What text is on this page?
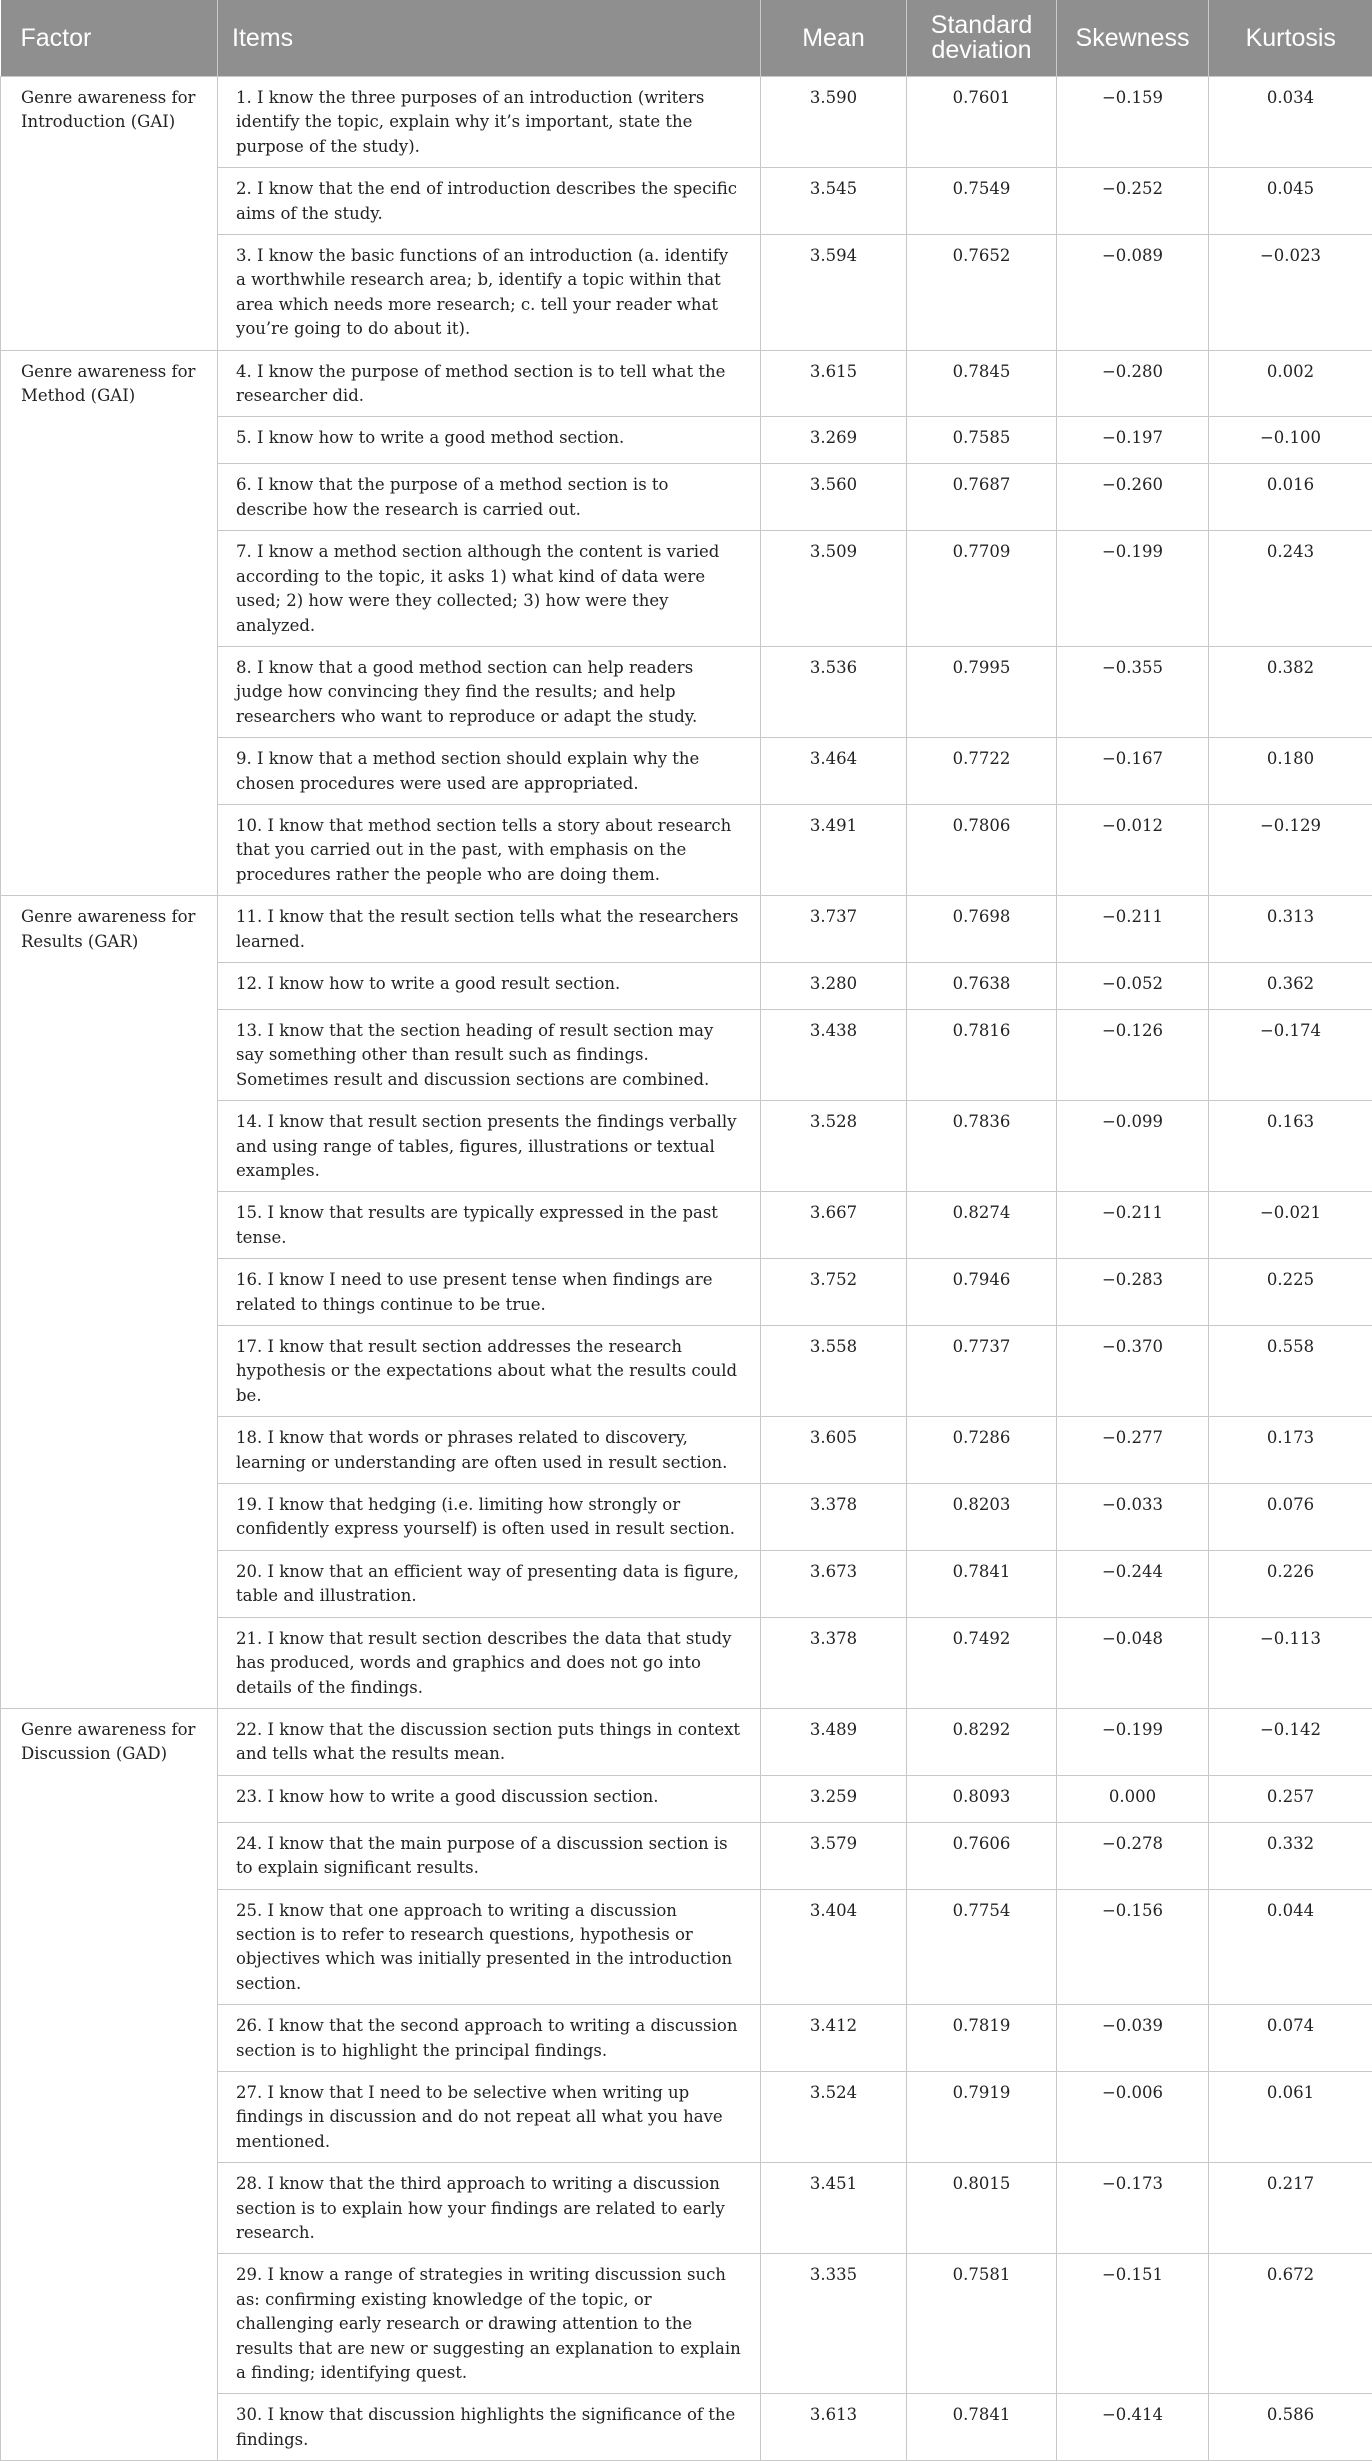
Factor	Items	Mean	Standard deviation	Skewness	Kurtosis
Genre awareness for Introduction (GAI)	1. I know the three purposes of an introduction (writers identify the topic, explain why it’s important, state the purpose of the study).	3.590	0.7601	−0.159	0.034
	2. I know that the end of introduction describes the specific aims of the study.	3.545	0.7549	−0.252	0.045
	3. I know the basic functions of an introduction (a. identify a worthwhile research area; b, identify a topic within that area which needs more research; c. tell your reader what you’re going to do about it).	3.594	0.7652	−0.089	−0.023
Genre awareness for Method (GAI)	4. I know the purpose of method section is to tell what the researcher did.	3.615	0.7845	−0.280	0.002
	5. I know how to write a good method section.	3.269	0.7585	−0.197	−0.100
	6. I know that the purpose of a method section is to describe how the research is carried out.	3.560	0.7687	−0.260	0.016
	7. I know a method section although the content is varied according to the topic, it asks 1) what kind of data were used; 2) how were they collected; 3) how were they analyzed.	3.509	0.7709	−0.199	0.243
	8. I know that a good method section can help readers judge how convincing they find the results; and help researchers who want to reproduce or adapt the study.	3.536	0.7995	−0.355	0.382
	9. I know that a method section should explain why the chosen procedures were used are appropriated.	3.464	0.7722	−0.167	0.180
	10. I know that method section tells a story about research that you carried out in the past, with emphasis on the procedures rather the people who are doing them.	3.491	0.7806	−0.012	−0.129
Genre awareness for Results (GAR)	11. I know that the result section tells what the researchers learned.	3.737	0.7698	−0.211	0.313
	12. I know how to write a good result section.	3.280	0.7638	−0.052	0.362
	13. I know that the section heading of result section may say something other than result such as findings. Sometimes result and discussion sections are combined.	3.438	0.7816	−0.126	−0.174
	14. I know that result section presents the findings verbally and using range of tables, figures, illustrations or textual examples.	3.528	0.7836	−0.099	0.163
	15. I know that results are typically expressed in the past tense.	3.667	0.8274	−0.211	−0.021
	16. I know I need to use present tense when findings are related to things continue to be true.	3.752	0.7946	−0.283	0.225
	17. I know that result section addresses the research hypothesis or the expectations about what the results could be.	3.558	0.7737	−0.370	0.558
	18. I know that words or phrases related to discovery, learning or understanding are often used in result section.	3.605	0.7286	−0.277	0.173
	19. I know that hedging (i.e. limiting how strongly or confidently express yourself) is often used in result section.	3.378	0.8203	−0.033	0.076
	20. I know that an efficient way of presenting data is figure, table and illustration.	3.673	0.7841	−0.244	0.226
	21. I know that result section describes the data that study has produced, words and graphics and does not go into details of the findings.	3.378	0.7492	−0.048	−0.113
Genre awareness for Discussion (GAD)	22. I know that the discussion section puts things in context and tells what the results mean.	3.489	0.8292	−0.199	−0.142
	23. I know how to write a good discussion section.	3.259	0.8093	0.000	0.257
	24. I know that the main purpose of a discussion section is to explain significant results.	3.579	0.7606	−0.278	0.332
	25. I know that one approach to writing a discussion section is to refer to research questions, hypothesis or objectives which was initially presented in the introduction section.	3.404	0.7754	−0.156	0.044
	26. I know that the second approach to writing a discussion section is to highlight the principal findings.	3.412	0.7819	−0.039	0.074
	27. I know that I need to be selective when writing up findings in discussion and do not repeat all what you have mentioned.	3.524	0.7919	−0.006	0.061
	28. I know that the third approach to writing a discussion section is to explain how your findings are related to early research.	3.451	0.8015	−0.173	0.217
	29. I know a range of strategies in writing discussion such as: confirming existing knowledge of the topic, or challenging early research or drawing attention to the results that are new or suggesting an explanation to explain a finding; identifying quest.	3.335	0.7581	−0.151	0.672
	30. I know that discussion highlights the significance of the findings.	3.613	0.7841	−0.414	0.586
